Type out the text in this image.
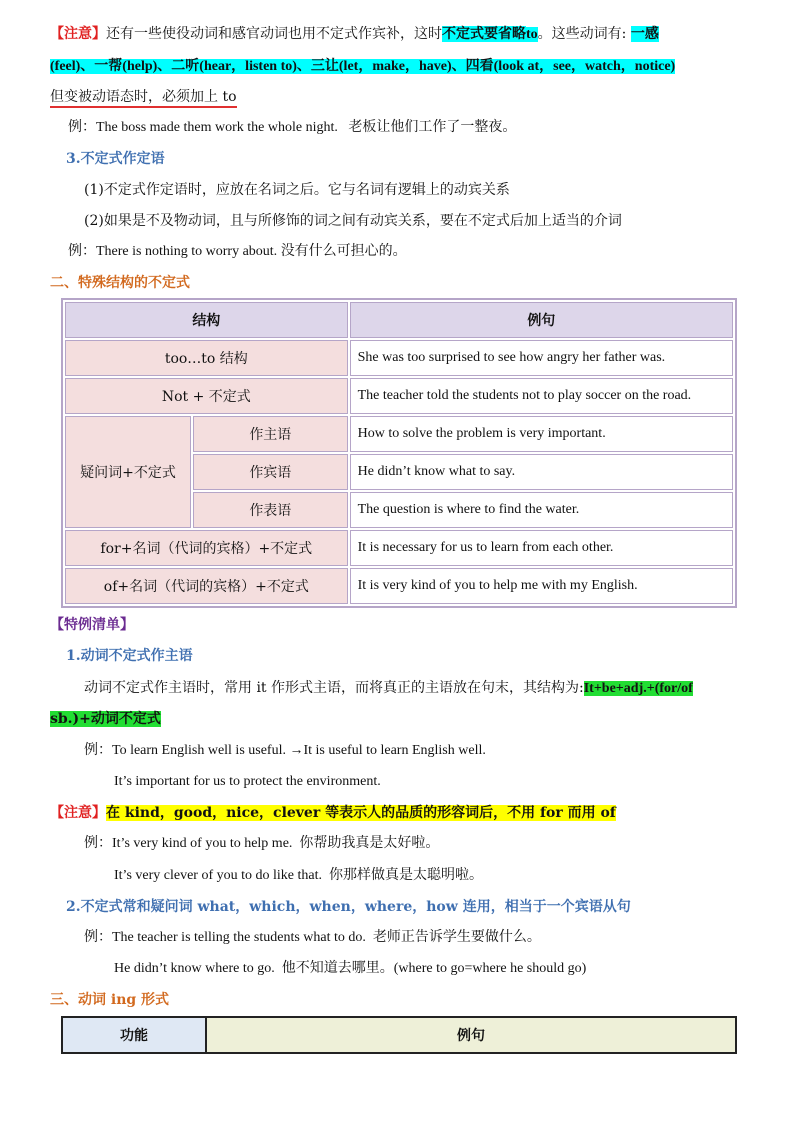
【注意】还有一些使役动词和感官动词也用不定式作宾补，这时不定式要省略to。这些动词有: 一感
(feel)、一帮(help)、二听(hear，listen to)、三让(let，make，have)、四看(look at，see，watch，notice)
但变被动语态时，必须加上 to
例：The boss made them work the whole night. 老板让他们工作了一整夜。
3.不定式作定语
(1)不定式作定语时，应放在名词之后。它与名词有逻辑上的动宾关系
(2)如果是不及物动词，且与所修饰的词之间有动宾关系，要在不定式后加上适当的介词
例：There is nothing to worry about. 没有什么可担心的。
二、特殊结构的不定式
结构		例句
too…to 结构		She was too surprised to see how angry her father was.
Not + 不定式		The teacher told the students not to play soccer on the road.
疑问词+不定式	作主语	How to solve the problem is very important.
	作宾语	He didn’t know what to say.
	作表语	The question is where to find the water.
for+名词（代词的宾格）+不定式		It is necessary for us to learn from each other.
of+名词（代词的宾格）+不定式		It is very kind of you to help me with my English.
【特例清单】
1.动词不定式作主语
动词不定式作主语时，常用 it 作形式主语，而将真正的主语放在句末，其结构为:It+be+adj.+(for/of
sb.)+动词不定式
例：To learn English well is useful. →It is useful to learn English well.
It’s important for us to protect the environment.
【注意】在 kind，good，nice，clever 等表示人的品质的形容词后，不用 for 而用 of
例：It’s very kind of you to help me. 你帮助我真是太好啦。
It’s very clever of you to do like that. 你那样做真是太聪明啦。
2.不定式常和疑问词 what，which，when，where，how 连用，相当于一个宾语从句
例：The teacher is telling the students what to do. 老师正告诉学生要做什么。
He didn’t know where to go. 他不知道去哪里。(where to go=where he should go)
三、动词 ing 形式
功能	例句
